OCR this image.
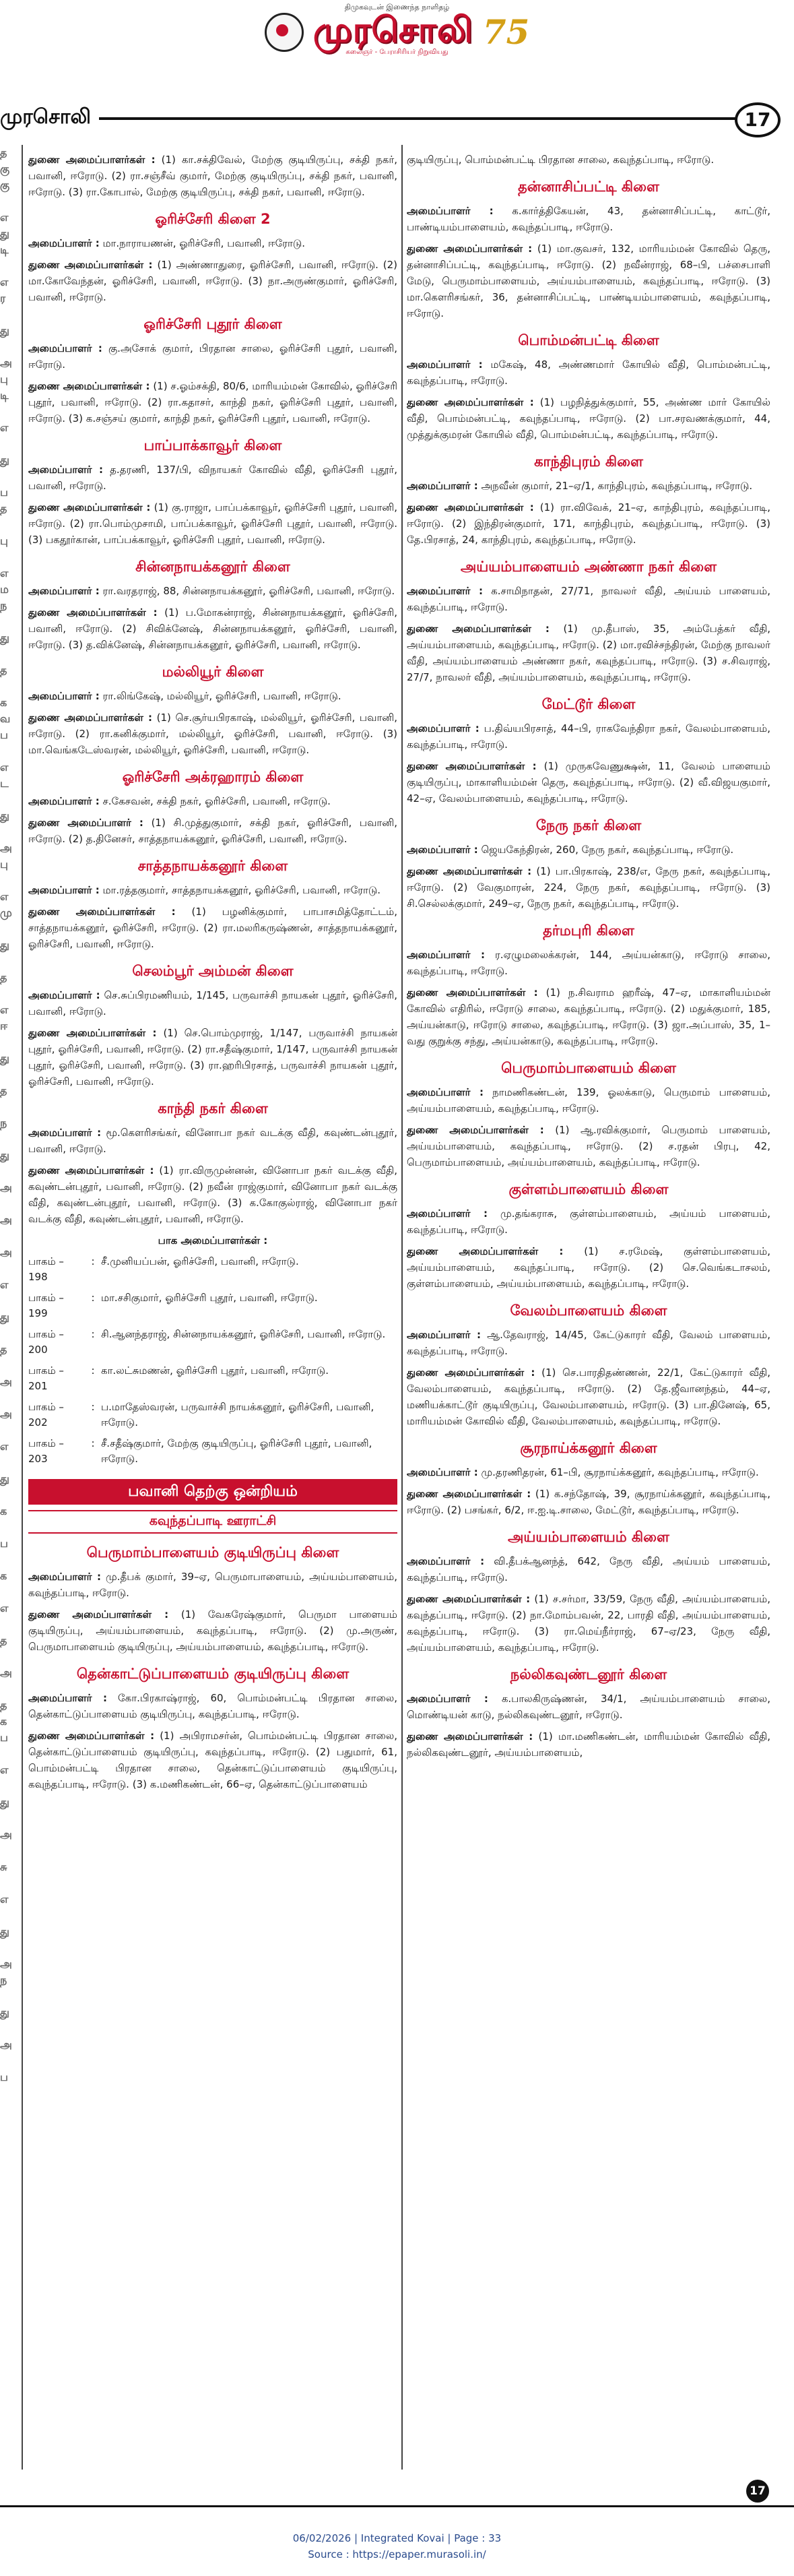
திமுகவுடன் இணைந்த நாளிதழ்
முரசொலி 75
கலைஞர் - பேராசிரியர் நிறுவியது
முரசொலி	17
த
கு
கு
எ
து
டி
எ
ர
து
அ
பு
டி
எ
து
ப
த
பு
எ
ம
ந
து
த
க
வ
ப
எ
ட
து
அ
பு
எ
மு
து
த
எ
ஈ
து
த
ந
து
அ
அ
அ
எ
து
த
அ
அ
எ
து
க
ப
க
எ
த
அ
த
க
ப
எ
து
அ
சு
எ
து
அ
ந
து
அ
ப

துணை அமைப்பாளர்கள் : (1) கா.சக்திவேல், மேற்கு குடியிருப்பு, சக்தி நகர், பவானி, ஈரோடு. (2) ரா.சஞ்சீவ் குமார், மேற்கு குடியிருப்பு, சக்தி நகர், பவானி, ஈரோடு. (3) ரா.கோபால், மேற்கு குடியிருப்பு, சக்தி நகர், பவானி, ஈரோடு.

ஓரிச்சேரி கிளை 2

அமைப்பாளர் : மா.நாராயணன், ஓரிச்சேரி, பவானி, ஈரோடு.

துணை அமைப்பாளர்கள் : (1) அண்ணாதுரை, ஓரிச்சேரி, பவானி, ஈரோடு. (2) மா.கோவேந்தன், ஓரிச்சேரி, பவானி, ஈரோடு. (3) நா.அருண்குமார், ஓரிச்சேரி, பவானி, ஈரோடு.

ஓரிச்சேரி புதூர் கிளை

அமைப்பாளர் : கு.அசோக் குமார், பிரதான சாலை, ஓரிச்சேரி புதூர், பவானி, ஈரோடு.

துணை அமைப்பாளர்கள் : (1) ச.ஓம்சக்தி, 80/6, மாரியம்மன் கோவில், ஓரிச்சேரி புதூர், பவானி, ஈரோடு. (2) ரா.கதாசர், காந்தி நகர், ஓரிச்சேரி புதூர், பவானி, ஈரோடு. (3) க.சஞ்சய் குமார், காந்தி நகர், ஓரிச்சேரி புதூர், பவானி, ஈரோடு.

பாப்பாக்காவூர் கிளை

அமைப்பாளர் : த.தரணி, 137/பி, விநாயகர் கோவில் வீதி, ஓரிச்சேரி புதூர், பவானி, ஈரோடு.

துணை அமைப்பாளர்கள் : (1) கு.ராஜா, பாப்பக்காவூர், ஓரிச்சேரி புதூர், பவானி, ஈரோடு. (2) ரா.பொம்முசாமி, பாப்பக்காவூர், ஓரிச்சேரி புதூர், பவானி, ஈரோடு. (3) பகதூர்கான், பாப்பக்காவூர், ஓரிச்சேரி புதூர், பவானி, ஈரோடு.

சின்னநாயக்கனூர் கிளை

அமைப்பாளர் : ரா.வரதராஜ், 88, சின்னநாயக்கனூர், ஓரிச்சேரி, பவானி, ஈரோடு.

துணை அமைப்பாளர்கள் : (1) ப.மோகன்ராஜ், சின்னநாயக்கனூர், ஓரிச்சேரி, பவானி, ஈரோடு. (2) சிவிக்னேஷ், சின்னநாயக்கனூர், ஓரிச்சேரி, பவானி, ஈரோடு. (3) த.விக்னேஷ், சின்னநாயக்கனூர், ஓரிச்சேரி, பவானி, ஈரோடு.

மல்லியூர் கிளை

அமைப்பாளர் : ரா.லிங்கேஷ், மல்லியூர், ஓரிச்சேரி, பவானி, ஈரோடு.

துணை அமைப்பாளர்கள் : (1) செ.சூர்யபிரகாஷ், மல்லியூர், ஓரிச்சேரி, பவானி, ஈரோடு. (2) ரா.கனிக்குமார், மல்லியூர், ஓரிச்சேரி, பவானி, ஈரோடு. (3) மா.வெங்கடேஸ்வரன், மல்லியூர், ஓரிச்சேரி, பவானி, ஈரோடு.

ஓரிச்சேரி அக்ரஹாரம் கிளை

அமைப்பாளர் : ச.கேசவன், சக்தி நகர், ஓரிச்சேரி, பவானி, ஈரோடு.

துணை அமைப்பாளர் : (1) சி.முத்துகுமார், சக்தி நகர், ஓரிச்சேரி, பவானி, ஈரோடு. (2) த.தினேசர், சாத்தநாயக்கனூர், ஓரிச்சேரி, பவானி, ஈரோடு.

சாத்தநாயக்கனூர் கிளை

அமைப்பாளர் : மா.ரத்தகுமார், சாத்தநாயக்கனூர், ஓரிச்சேரி, பவானி, ஈரோடு.

துணை அமைப்பாளர்கள் : (1) பழனிக்குமார், பாபாசமித்தோட்டம், சாத்தநாயக்கனூர், ஓரிச்சேரி, ஈரோடு. (2) ரா.மலரிகருஷ்ணன், சாத்தநாயக்கனூர், ஓரிச்சேரி, பவானி, ஈரோடு.

செலம்பூர் அம்மன் கிளை

அமைப்பாளர் : செ.சுப்பிரமணியம், 1/145, பருவாச்சி நாயகன் புதூர், ஓரிச்சேரி, பவானி, ஈரோடு.

துணை அமைப்பாளர்கள் : (1) செ.பொம்முராஜ், 1/147, பருவாச்சி நாயகன் புதூர், ஓரிச்சேரி, பவானி, ஈரோடு. (2) ரா.சதீஷ்குமார், 1/147, பருவாச்சி நாயகன் புதூர், ஓரிச்சேரி, பவானி, ஈரோடு. (3) ரா.ஹரிபிரசாத், பருவாச்சி நாயகன் புதூர், ஓரிச்சேரி, பவானி, ஈரோடு.

காந்தி நகர் கிளை

அமைப்பாளர் : மூ.கௌரிசங்கர், வினோபா நகர் வடக்கு வீதி, கவுண்டன்புதூர், பவானி, ஈரோடு.

துணை அமைப்பாளர்கள் : (1) ரா.விருமுன்னன், வினோபா நகர் வடக்கு வீதி, கவுண்டன்புதூர், பவானி, ஈரோடு. (2) நவீன் ராஜ்குமார், வினோபா நகர் வடக்கு வீதி, கவுண்டன்புதூர், பவானி, ஈரோடு. (3) க.கோகுல்ராஜ், வினோபா நகர் வடக்கு வீதி, கவுண்டன்புதூர், பவானி, ஈரோடு.

பாக அமைப்பாளர்கள் :

பாகம் – 198
: சீ.முனியப்பன், ஓரிச்சேரி, பவானி, ஈரோடு.
பாகம் – 199
: மா.சசிகுமார், ஓரிச்சேரி புதூர், பவானி, ஈரோடு.
பாகம் – 200
: சி.ஆனந்தராஜ், சின்னநாயக்கனூர், ஓரிச்சேரி, பவானி, ஈரோடு.
பாகம் – 201
: கா.லட்சுமணன், ஓரிச்சேரி புதூர், பவானி, ஈரோடு.
பாகம் – 202
: ப.மாதேஸ்வரன், பருவாச்சி நாயக்கனூர், ஓரிச்சேரி, பவானி, ஈரோடு.
பாகம் – 203
: சீ.சதீஷ்குமார், மேற்கு குடியிருப்பு, ஓரிச்சேரி புதூர், பவானி, ஈரோடு.
பவானி தெற்கு ஒன்றியம்
கவுந்தப்பாடி ஊராட்சி
பெருமாம்பாளையம் குடியிருப்பு கிளை

அமைப்பாளர் : மு.தீபக் குமார், 39–ஏ, பெருமாபாளையம், அய்யம்பாளையம், கவுந்தப்பாடி, ஈரோடு.

துணை அமைப்பாளர்கள் : (1) வேகரேஷ்குமார், பெருமா பாளையம் குடியிருப்பு, அய்யம்பாளையம், கவுந்தப்பாடி, ஈரோடு. (2) மு.அருண், பெருமாபாளையம் குடியிருப்பு, அய்யம்பாளையம், கவுந்தப்பாடி, ஈரோடு.

தென்காட்டுப்பாளையம் குடியிருப்பு கிளை

அமைப்பாளர் : கோ.பிரகாஷ்ராஜ், 60, பொம்மன்பட்டி பிரதான சாலை, தென்காட்டுப்பாளையம் குடியிருப்பு, கவுந்தப்பாடி, ஈரோடு.

துணை அமைப்பாளர்கள் : (1) அபிராமசர்ன், பொம்மன்பட்டி பிரதான சாலை, தென்காட்டுப்பாளையம் குடியிருப்பு, கவுந்தப்பாடி, ஈரோடு. (2) பதுமார், 61, பொம்மன்பட்டி பிரதான சாலை, தென்காட்டுப்பாளையம் குடியிருப்பு, கவுந்தப்பாடி, ஈரோடு. (3) க.மணிகண்டன், 66–ஏ, தென்காட்டுப்பாளையம்

குடியிருப்பு, பொம்மன்பட்டி பிரதான சாலை, கவுந்தப்பாடி, ஈரோடு.

தன்னாசிப்பட்டி கிளை

அமைப்பாளர் : க.கார்த்திகேயன், 43, தன்னாசிப்பட்டி, காட்டூர், பாண்டியம்பாளையம், கவுந்தப்பாடி, ஈரோடு.

துணை அமைப்பாளர்கள் : (1) மா.குவசர், 132, மாரியம்மன் கோவில் தெரு, தன்னாசிப்பட்டி, கவுந்தப்பாடி, ஈரோடு. (2) நவீன்ராஜ், 68–பி, பச்சைபாளி மேடு, பெருமாம்பாளையம், அய்யம்பாளையம், கவுந்தப்பாடி, ஈரோடு. (3) மா.கௌரிசங்கர், 36, தன்னாசிப்பட்டி, பாண்டியம்பாளையம், கவுந்தப்பாடி, ஈரோடு.

பொம்மன்பட்டி கிளை

அமைப்பாளர் : மகேஷ், 48, அண்ணமார் கோயில் வீதி, பொம்மன்பட்டி, கவுந்தப்பாடி, ஈரோடு.

துணை அமைப்பாளர்கள் : (1) பழநித்துக்குமார், 55, அண்ண மார் கோயில் வீதி, பொம்மன்பட்டி, கவுந்தப்பாடி, ஈரோடு. (2) பா.சரவணக்குமார், 44, முத்துக்குமரன் கோயில் வீதி, பொம்மன்பட்டி, கவுந்தப்பாடி, ஈரோடு.

காந்திபுரம் கிளை

அமைப்பாளர் : அநவீன் குமார், 21–ஏ/1, காந்திபுரம், கவுந்தப்பாடி, ஈரோடு.

துணை அமைப்பாளர்கள் : (1) ரா.விவேக், 21–ஏ, காந்திபுரம், கவுந்தப்பாடி, ஈரோடு. (2) இந்திரன்குமார், 171, காந்திபுரம், கவுந்தப்பாடி, ஈரோடு. (3) தே.பிரசாத், 24, காந்திபுரம், கவுந்தப்பாடி, ஈரோடு.

அய்யம்பாளையம் அண்ணா நகர் கிளை

அமைப்பாளர் : க.சாமிநாதன், 27/71, நாவலர் வீதி, அய்யம் பாளையம், கவுந்தப்பாடி, ஈரோடு.

துணை அமைப்பாளர்கள் : (1) மு.தீபாஸ், 35, அம்பேத்கர் வீதி, அய்யம்பாளையம், கவுந்தப்பாடி, ஈரோடு. (2) மா.ரவிச்சந்திரன், மேற்கு நாவலர் வீதி, அய்யம்பாளையம் அண்ணா நகர், கவுந்தப்பாடி, ஈரோடு. (3) ச.சிவராஜ், 27/7, நாவலர் வீதி, அய்யம்பாளையம், கவுந்தப்பாடி, ஈரோடு.

மேட்டூர் கிளை

அமைப்பாளர் : ப.திவ்யபிரசாத், 44–பி, ராகவேந்திரா நகர், வேலம்பாளையம், கவுந்தப்பாடி, ஈரோடு.

துணை அமைப்பாளர்கள் : (1) முருகவேணுக்ஷன், 11, வேலம் பாளையம் குடியிருப்பு, மாகாளியம்மன் தெரு, கவுந்தப்பாடி, ஈரோடு. (2) வீ.விஜயகுமார், 42–ஏ, வேலம்பாளையம், கவுந்தப்பாடி, ஈரோடு.

நேரு நகர் கிளை

அமைப்பாளர் : ஜெயகேந்திரன், 260, நேரு நகர், கவுந்தப்பாடி, ஈரோடு.

துணை அமைப்பாளர்கள் : (1) பா.பிரகாஷ், 238/எ, நேரு நகர், கவுந்தப்பாடி, ஈரோடு. (2) வேகுமாரன், 224, நேரு நகர், கவுந்தப்பாடி, ஈரோடு. (3) சி.செல்லக்குமார், 249–ஏ, நேரு நகர், கவுந்தப்பாடி, ஈரோடு.

தர்மபுரி கிளை

அமைப்பாளர் : ர.ஏழுமலைக்கரன், 144, அய்யன்காடு, ஈரோடு சாலை, கவுந்தப்பாடி, ஈரோடு.

துணை அமைப்பாளர்கள் : (1) ந.சிவராம ஹரீஷ், 47–ஏ, மாகாளியம்மன் கோவில் எதிரில், ஈரோடு சாலை, கவுந்தப்பாடி, ஈரோடு. (2) மதுக்குமார், 185, அய்யன்காடு, ஈரோடு சாலை, கவுந்தப்பாடி, ஈரோடு. (3) ஜா.அப்பாஸ், 35, 1–வது குறுக்கு சந்து, அய்யன்காடு, கவுந்தப்பாடி, ஈரோடு.

பெருமாம்பாளையம் கிளை

அமைப்பாளர் : நாமணிகண்டன், 139, ஓலக்காடு, பெருமாம் பாளையம், அய்யம்பாளையம், கவுந்தப்பாடி, ஈரோடு.

துணை அமைப்பாளர்கள் : (1) ஆ.ரவிக்குமார், பெருமாம் பாளையம், அய்யம்பாளையம், கவுந்தப்பாடி, ஈரோடு. (2) ச.ரதன் பிரபு, 42, பெருமாம்பாளையம், அய்யம்பாளையம், கவுந்தப்பாடி, ஈரோடு.

குள்ளம்பாளையம் கிளை

அமைப்பாளர் : மு.தங்கராசு, குள்ளம்பாளையம், அய்யம் பாளையம், கவுந்தப்பாடி, ஈரோடு.

துணை அமைப்பாளர்கள் : (1) ச.ரமேஷ், குள்ளம்பாளையம், அய்யம்பாளையம், கவுந்தப்பாடி, ஈரோடு. (2) செ.வெங்கடாசலம், குள்ளம்பாளையம், அய்யம்பாளையம், கவுந்தப்பாடி, ஈரோடு.

வேலம்பாளையம் கிளை

அமைப்பாளர் : ஆ.தேவராஜ், 14/45, கேட்டுகாரர் வீதி, வேலம் பாளையம், கவுந்தப்பாடி, ஈரோடு.

துணை அமைப்பாளர்கள் : (1) செ.பாரதிதண்ணன், 22/1, கேட்டுகாரர் வீதி, வேலம்பாளையம், கவுந்தப்பாடி, ஈரோடு. (2) தே.ஜீவானந்தம், 44–ஏ, மணியக்காட்டூர் குடியிருப்பு, வேலம்பாளையம், ஈரோடு. (3) பா.தினேஷ், 65, மாரியம்மன் கோவில் வீதி, வேலம்பாளையம், கவுந்தப்பாடி, ஈரோடு.

சூரநாய்க்கனூர் கிளை

அமைப்பாளர் : மு.தரணிதரன், 61–பி, சூரநாய்க்கனூர், கவுந்தப்பாடி, ஈரோடு.

துணை அமைப்பாளர்கள் : (1) க.சந்தோஷ், 39, சூரநாய்க்கனூர், கவுந்தப்பாடி, ஈரோடு. (2) பசங்கர், 6/2, ஈ.ஐ.டி.சாலை, மேட்டூர், கவுந்தப்பாடி, ஈரோடு.

அய்யம்பாளையம் கிளை

அமைப்பாளர் : வி.தீபக்ஆனந்த், 642, நேரு வீதி, அய்யம் பாளையம், கவுந்தப்பாடி, ஈரோடு.

துணை அமைப்பாளர்கள் : (1) ச.சர்மா, 33/59, நேரு வீதி, அய்யம்பாளையம், கவுந்தப்பாடி, ஈரோடு. (2) நா.மோம்பவன், 22, பாரதி வீதி, அய்யம்பாளையம், கவுந்தப்பாடி, ஈரோடு. (3) ரா.மெய்நீர்ராஜ், 67–ஏ/23, நேரு வீதி, அய்யம்பாளையம், கவுந்தப்பாடி, ஈரோடு.

நல்லிகவுண்டனூர் கிளை

அமைப்பாளர் : க.பாலகிருஷ்ணன், 34/1, அய்யம்பாளையம் சாலை, மொண்டியன் காடு, நல்லிகவுண்டனூர், ஈரோடு.

துணை அமைப்பாளர்கள் : (1) மா.மணிகண்டன், மாரியம்மன் கோவில் வீதி, நல்லிகவுண்டனூர், அய்யம்பாளையம்,

17
06/02/2026 | Integrated Kovai | Page : 33
Source : https://epaper.murasoli.in/
